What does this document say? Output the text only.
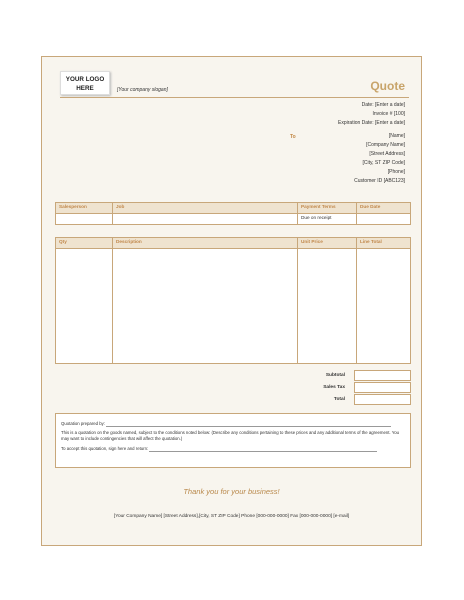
YOUR LOGO
HERE	[Your company slogan]	Quote
Date: [Enter a date]
Invoice # [100]
Expiration Date: [Enter a date]
To	[Name]
[Company Name]
[Street Address]
[City, ST ZIP Code]
[Phone]
Customer ID [ABC123]
Salesperson	Job	Payment Terms	Due Date
		Due on receipt	
Qty	Description	Unit Price	Line Total

Subtotal
Sales Tax
Total
Quotation prepared by:
This is a quotation on the goods named, subject to the conditions noted below: (Describe any conditions pertaining to these prices and any additional terms of the agreement. You may want to include contingencies that will affect the quotation.)
To accept this quotation, sign here and return:
Thank you for your business!
[Your Company Name] [Street Address],[City, ST ZIP Code] Phone [000-000-0000] Fax [000-000-0000] [e-mail]
